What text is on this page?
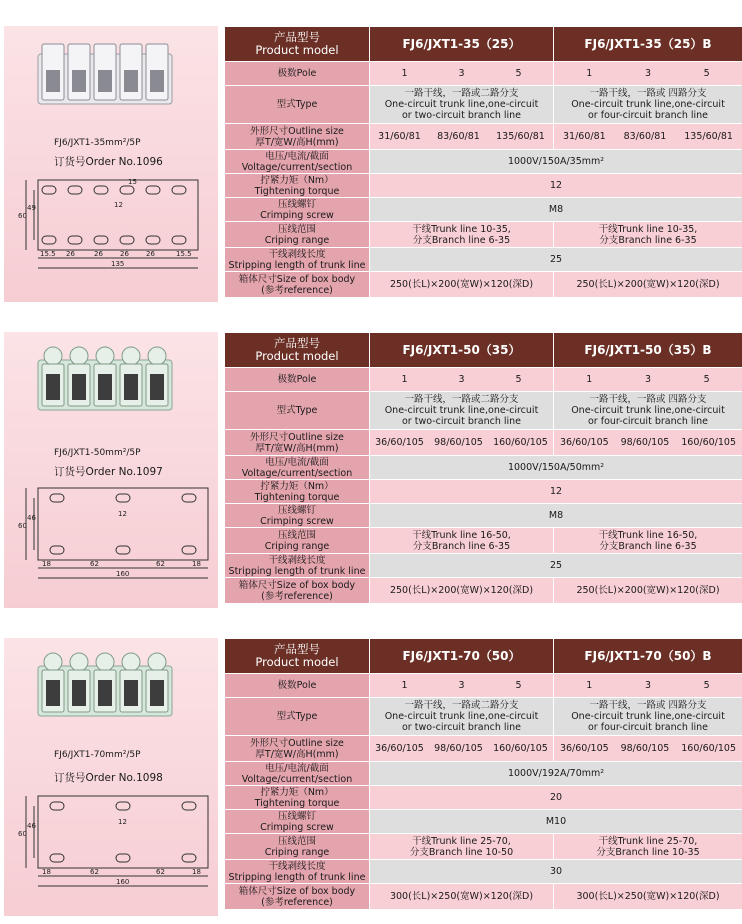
FJ6/JXT1-35mm²/5P
订货号Order No.1096
60
49	12
15
15.5 26	26 26 26	15.5
135
产品型号
Product model	FJ6/JXT1-35（25）	FJ6/JXT1-35（25）B
极数Pole	1 3 5	1 3 5

型式Type	一路干线，一路或二路分支
One-circuit trunk line,one-circuit
or two-circuit branch line	一路干线，一路或 四路分支
One-circuit trunk line,one-circuit
or four-circuit branch line
外形尺寸Outline size
厚T/宽W/高H(mm)	31/60/81 83/60/81 135/60/81	31/60/81 83/60/81 135/60/81

电压/电流/截面
Voltage/current/section	1000V/150A/35mm²	
拧紧力矩（Nm）
Tightening torque	12	
压线螺钉
Crimping screw	M8	
压线范围
Criping range	干线Trunk line 10-35,
分支Branch line 6-35	干线Trunk line 10-35,
分支Branch line 6-35
干线剥线长度
Stripping length of trunk line	25	
箱体尺寸Size of box body
(参考reference)	250(长L)×200(宽W)×120(深D)	250(长L)×200(宽W)×120(深D)
FJ6/JXT1-50mm²/5P
订货号Order No.1097
60
46	12
18	62	62	18
160
产品型号
Product model	FJ6/JXT1-50（35）	FJ6/JXT1-50（35）B
极数Pole	1 3 5	1 3 5

型式Type	一路干线，一路或二路分支
One-circuit trunk line,one-circuit
or two-circuit branch line	一路干线，一路或 四路分支
One-circuit trunk line,one-circuit
or four-circuit branch line
外形尺寸Outline size
厚T/宽W/高H(mm)	36/60/105 98/60/105 160/60/105	36/60/105 98/60/105 160/60/105

电压/电流/截面
Voltage/current/section	1000V/150A/50mm²	
拧紧力矩（Nm）
Tightening torque	12	
压线螺钉
Crimping screw	M8	
压线范围
Criping range	干线Trunk line 16-50,
分支Branch line 6-35	干线Trunk line 16-50,
分支Branch line 6-35
干线剥线长度
Stripping length of trunk line	25	
箱体尺寸Size of box body
(参考reference)	250(长L)×200(宽W)×120(深D)	250(长L)×200(宽W)×120(深D)
FJ6/JXT1-70mm²/5P
订货号Order No.1098
60
46	12
18	62	62	18
160
产品型号
Product model	FJ6/JXT1-70（50）	FJ6/JXT1-70（50）B
极数Pole	1 3 5	1 3 5

型式Type	一路干线，一路或二路分支
One-circuit trunk line,one-circuit
or two-circuit branch line	一路干线，一路或 四路分支
One-circuit trunk line,one-circuit
or four-circuit branch line
外形尺寸Outline size
厚T/宽W/高H(mm)	36/60/105 98/60/105 160/60/105	36/60/105 98/60/105 160/60/105

电压/电流/截面
Voltage/current/section	1000V/192A/70mm²	
拧紧力矩（Nm）
Tightening torque	20	
压线螺钉
Crimping screw	M10	
压线范围
Criping range	干线Trunk line 25-70,
分支Branch line 10-50	干线Trunk line 25-70,
分支Branch line 10-35
干线剥线长度
Stripping length of trunk line	30	
箱体尺寸Size of box body
(参考reference)	300(长L)×250(宽W)×120(深D)	300(长L)×250(宽W)×120(深D)
